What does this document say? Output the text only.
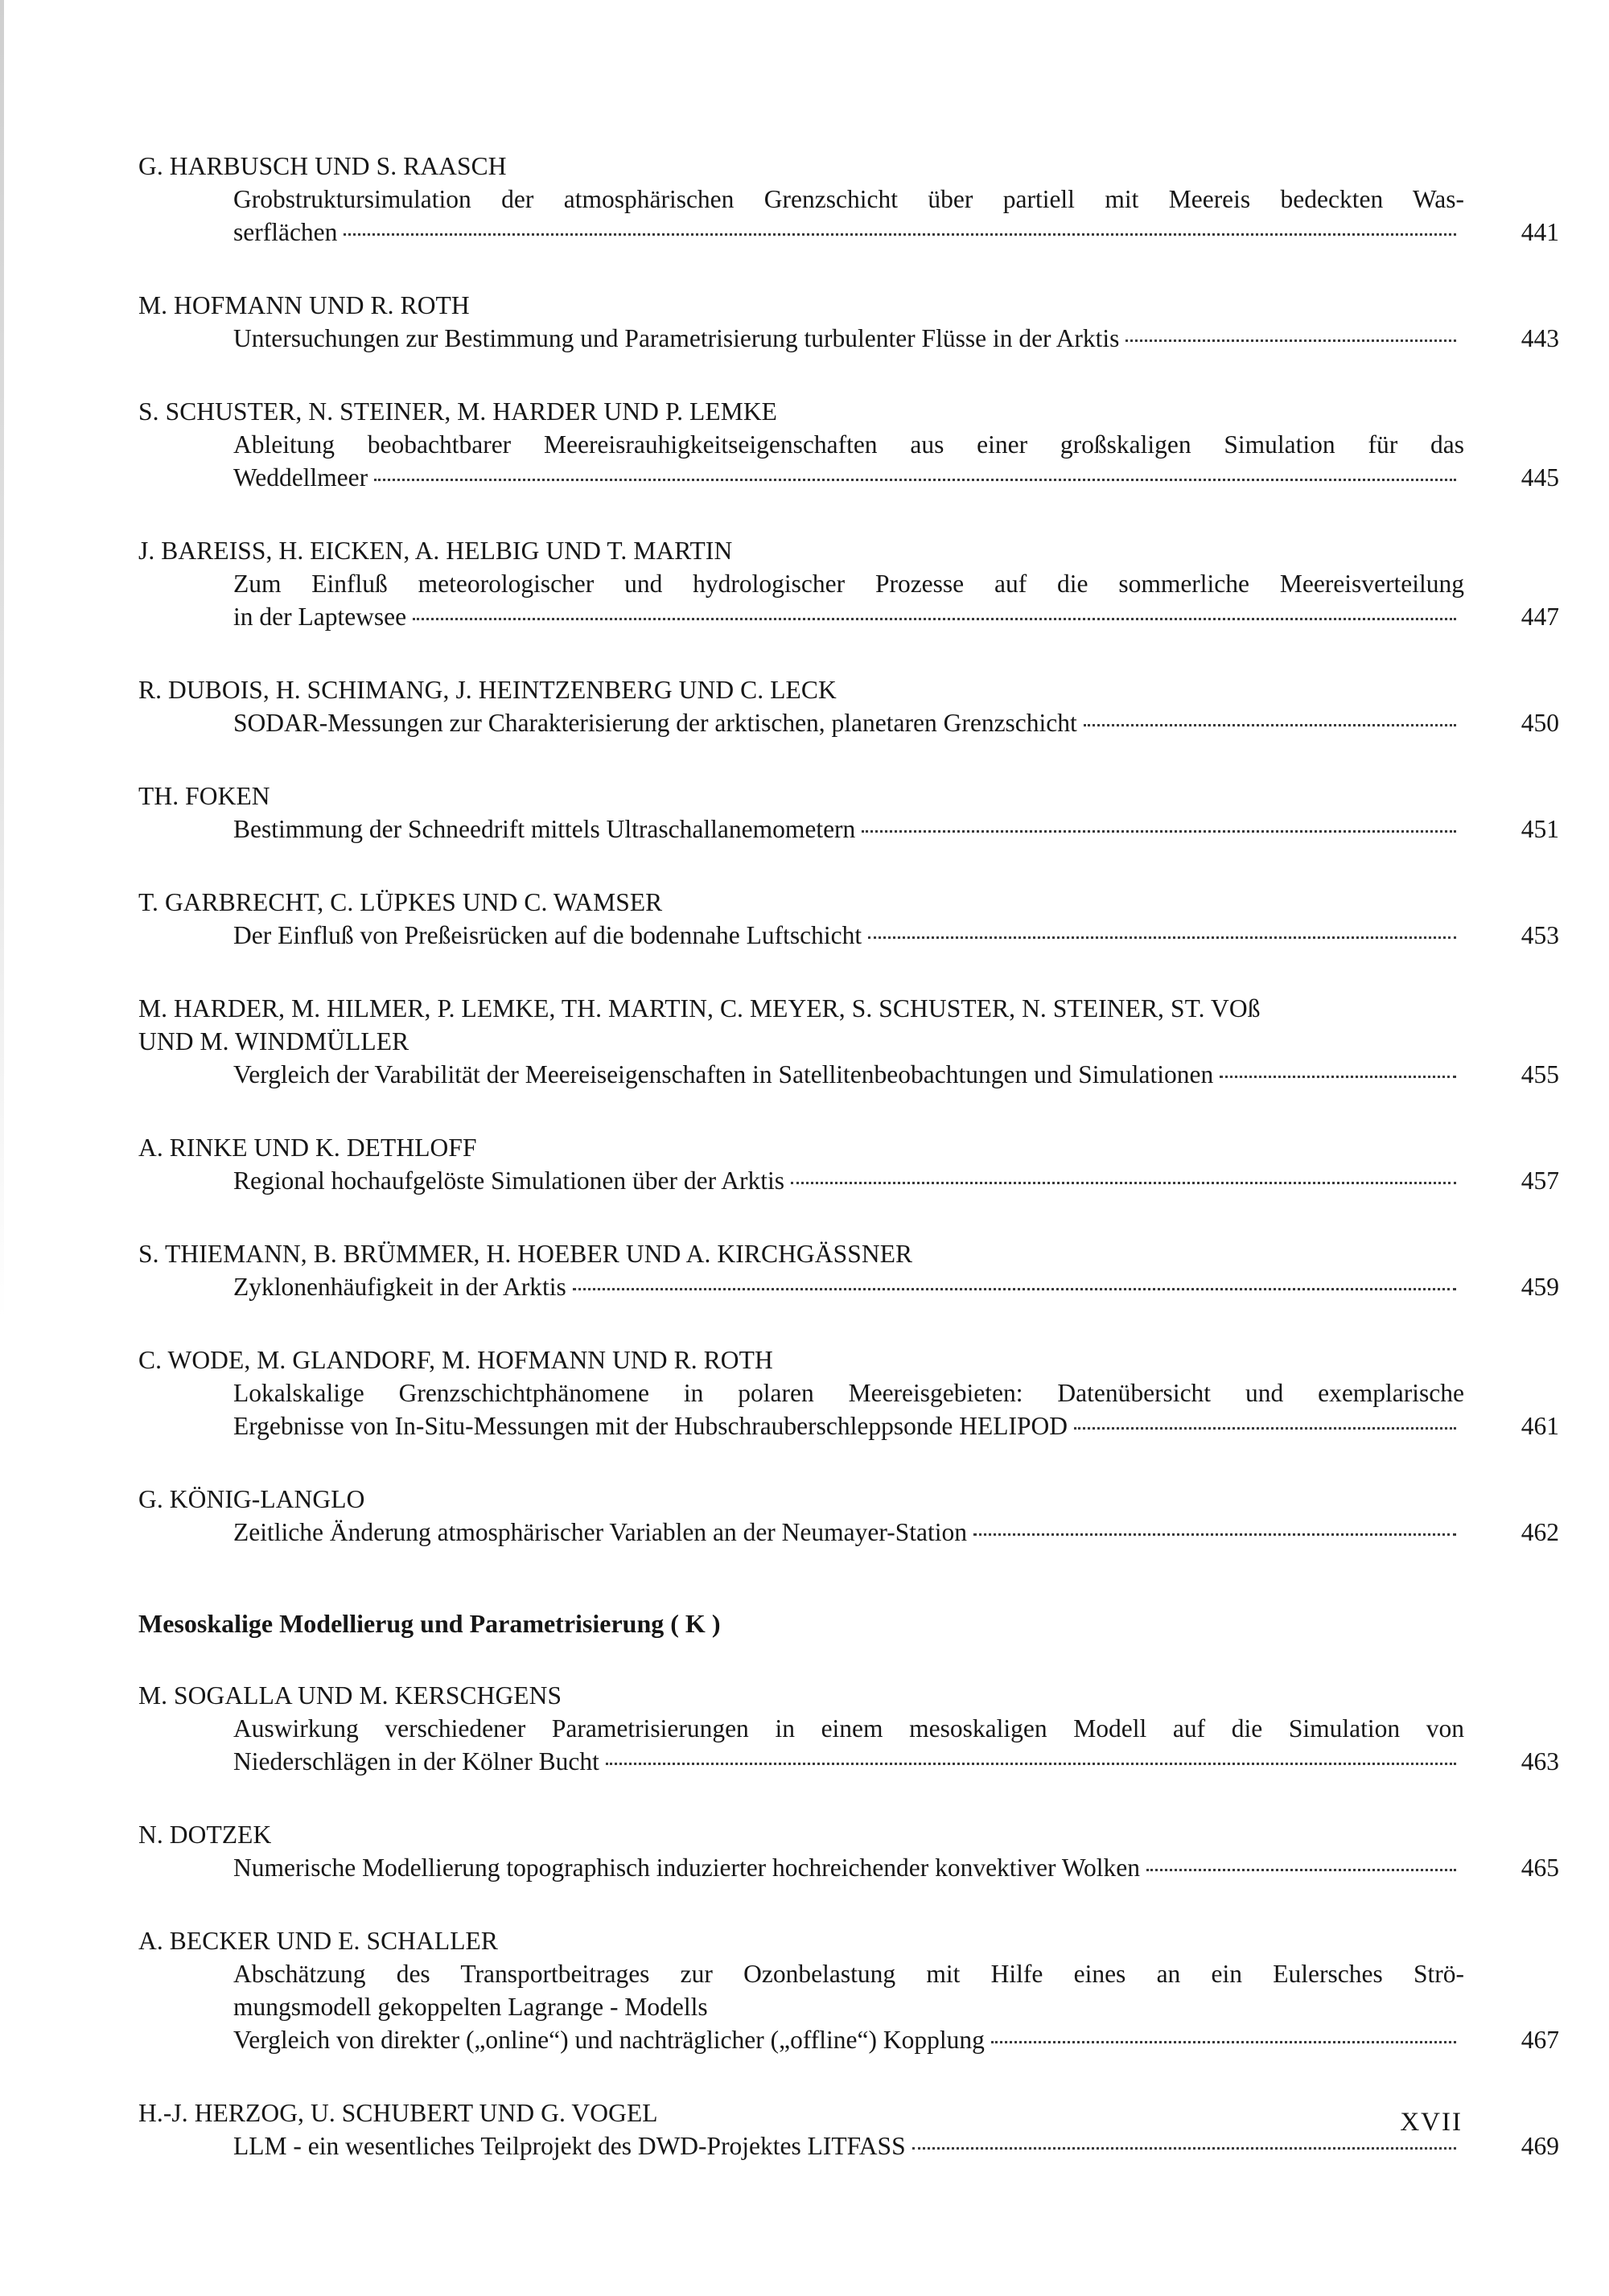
G. HARBUSCH UND S. RAASCH
Grobstruktursimulation der atmosphärischen Grenzschicht über partiell mit Meereis bedeckten Was-
serflächen	441
M. HOFMANN UND R. ROTH
Untersuchungen zur Bestimmung und Parametrisierung turbulenter Flüsse in der Arktis	443
S. SCHUSTER, N. STEINER, M. HARDER UND P. LEMKE
Ableitung beobachtbarer Meereisrauhigkeitseigenschaften aus einer großskaligen Simulation für das
Weddellmeer	445
J. BAREISS, H. EICKEN, A. HELBIG UND T. MARTIN
Zum Einfluß meteorologischer und hydrologischer Prozesse auf die sommerliche Meereisverteilung
in der Laptewsee	447
R. DUBOIS, H. SCHIMANG, J. HEINTZENBERG UND C. LECK
SODAR-Messungen zur Charakterisierung der arktischen, planetaren Grenzschicht	450
TH. FOKEN
Bestimmung der Schneedrift mittels Ultraschallanemometern	451
T. GARBRECHT, C. LÜPKES UND C. WAMSER
Der Einfluß von Preßeisrücken auf die bodennahe Luftschicht	453
M. HARDER, M. HILMER, P. LEMKE, TH. MARTIN, C. MEYER, S. SCHUSTER, N. STEINER, ST. VOß
UND M. WINDMÜLLER
Vergleich der Varabilität der Meereiseigenschaften in Satellitenbeobachtungen und Simulationen	455
A. RINKE UND K. DETHLOFF
Regional hochaufgelöste Simulationen über der Arktis	457
S. THIEMANN, B. BRÜMMER, H. HOEBER UND A. KIRCHGÄSSNER
Zyklonenhäufigkeit in der Arktis	459
C. WODE, M. GLANDORF, M. HOFMANN UND R. ROTH
Lokalskalige Grenzschichtphänomene in polaren Meereisgebieten: Datenübersicht und exemplarische
Ergebnisse von In-Situ-Messungen mit der Hubschrauberschleppsonde HELIPOD	461
G. KÖNIG-LANGLO
Zeitliche Änderung atmosphärischer Variablen an der Neumayer-Station	462
Mesoskalige Modellierug und Parametrisierung ( K )
M. SOGALLA UND M. KERSCHGENS
Auswirkung verschiedener Parametrisierungen in einem mesoskaligen Modell auf die Simulation von
Niederschlägen in der Kölner Bucht	463
N. DOTZEK
Numerische Modellierung topographisch induzierter hochreichender konvektiver Wolken	465
A. BECKER UND E. SCHALLER
Abschätzung des Transportbeitrages zur Ozonbelastung mit Hilfe eines an ein Eulersches Strö-
mungsmodell gekoppelten Lagrange - Modells
Vergleich von direkter („online“) und nachträglicher („offline“) Kopplung	467
H.-J. HERZOG, U. SCHUBERT UND G. VOGEL
LLM - ein wesentliches Teilprojekt des DWD-Projektes LITFASS	469
XVII
